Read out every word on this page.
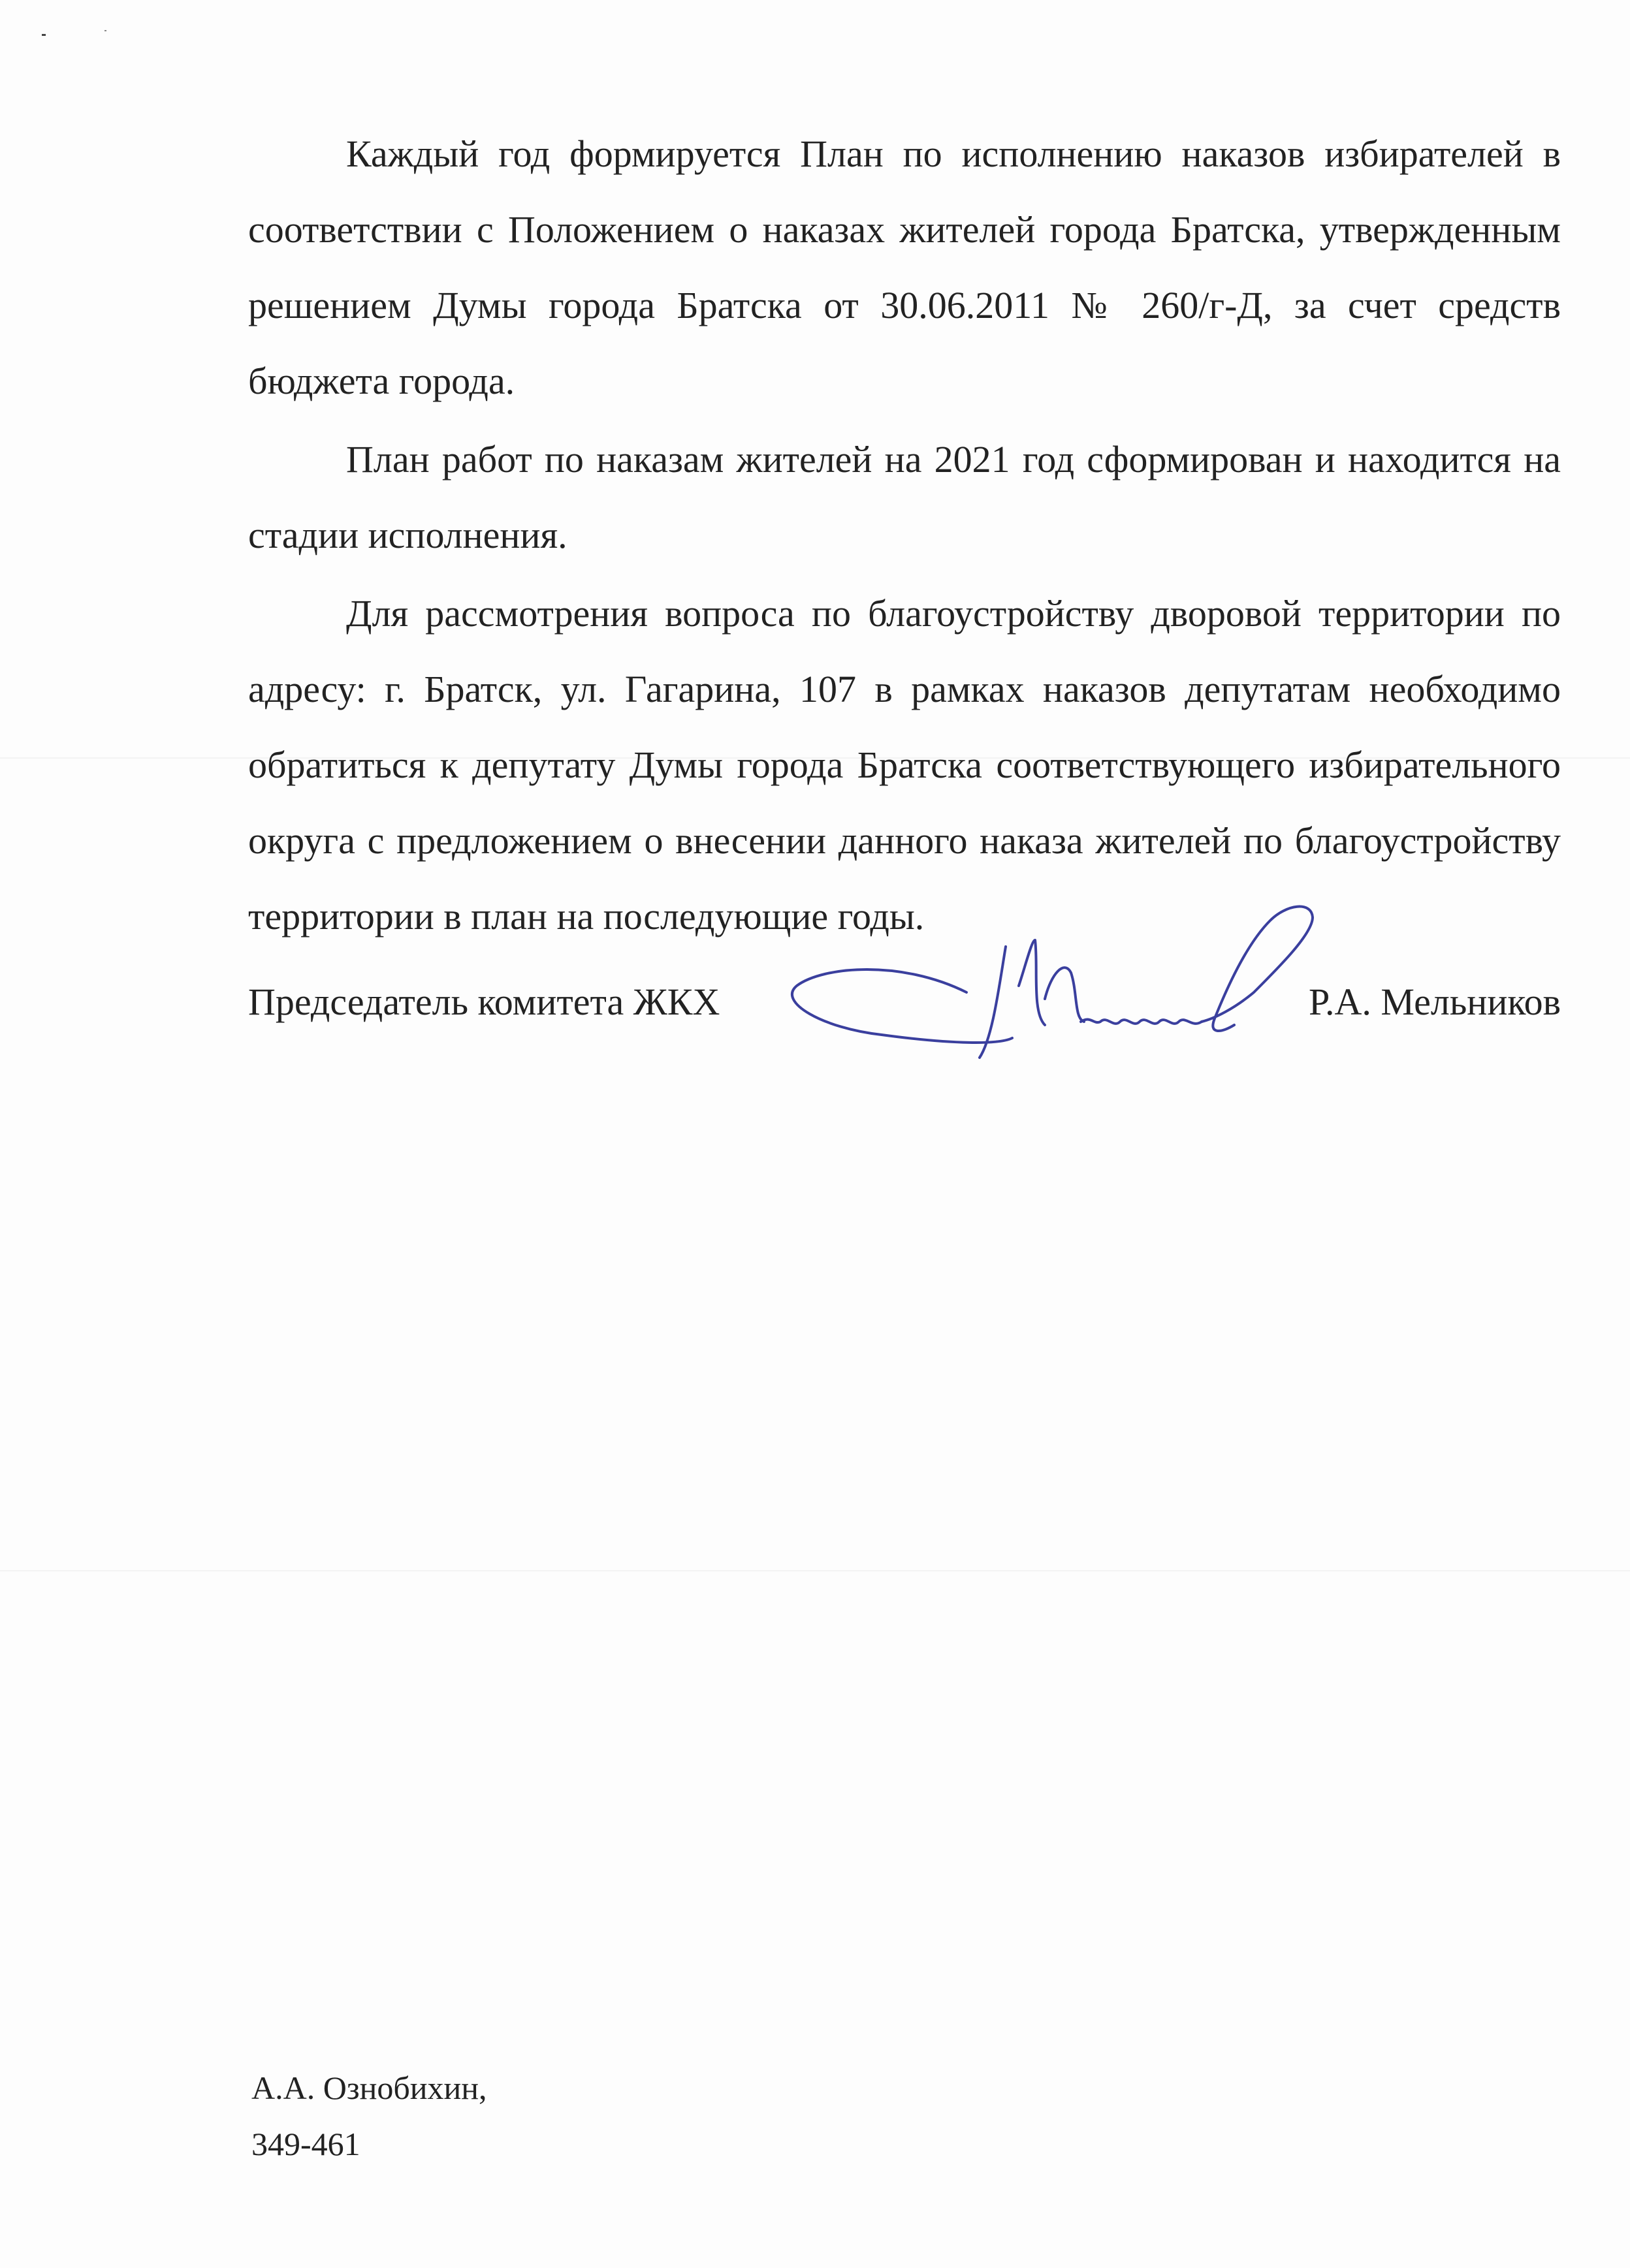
Каждый год формируется План по исполнению наказов избирателей в соответствии с Положением о наказах жителей города Братска, утвержденным решением Думы города Братска от 30.06.2011 № 260/г-Д, за счет средств бюджета города.

План работ по наказам жителей на 2021 год сформирован и находится на стадии исполнения.

Для рассмотрения вопроса по благоустройству дворовой территории по адресу: г. Братск, ул. Гагарина, 107 в рамках наказов депутатам необходимо обратиться к депутату Думы города Братска соответствующего избирательного округа с предложением о внесении данного наказа жителей по благоустройству территории в план на последующие годы.

Председатель комитета ЖКХ	Р.А. Мельников
А.А. Ознобихин,
349-461
